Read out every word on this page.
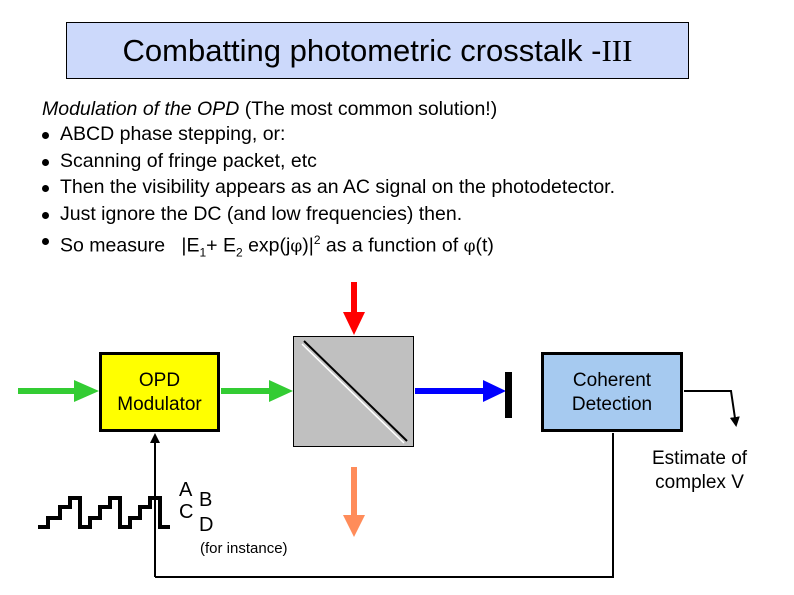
Combatting photometric crosstalk -III
Modulation of the OPD (The most common solution!)
ABCD phase stepping, or:
Scanning of fringe packet, etc
Then the visibility appears as an AC signal on the photodetector.
Just ignore the DC (and low frequencies) then.
So measure   $|E_1+ E_2$ $\exp(j\varphi)|^2$ as a function of φ(t)
OPD
Modulator
Coherent
Detection
Estimate of
complex V
A B
C
D
(for instance)
